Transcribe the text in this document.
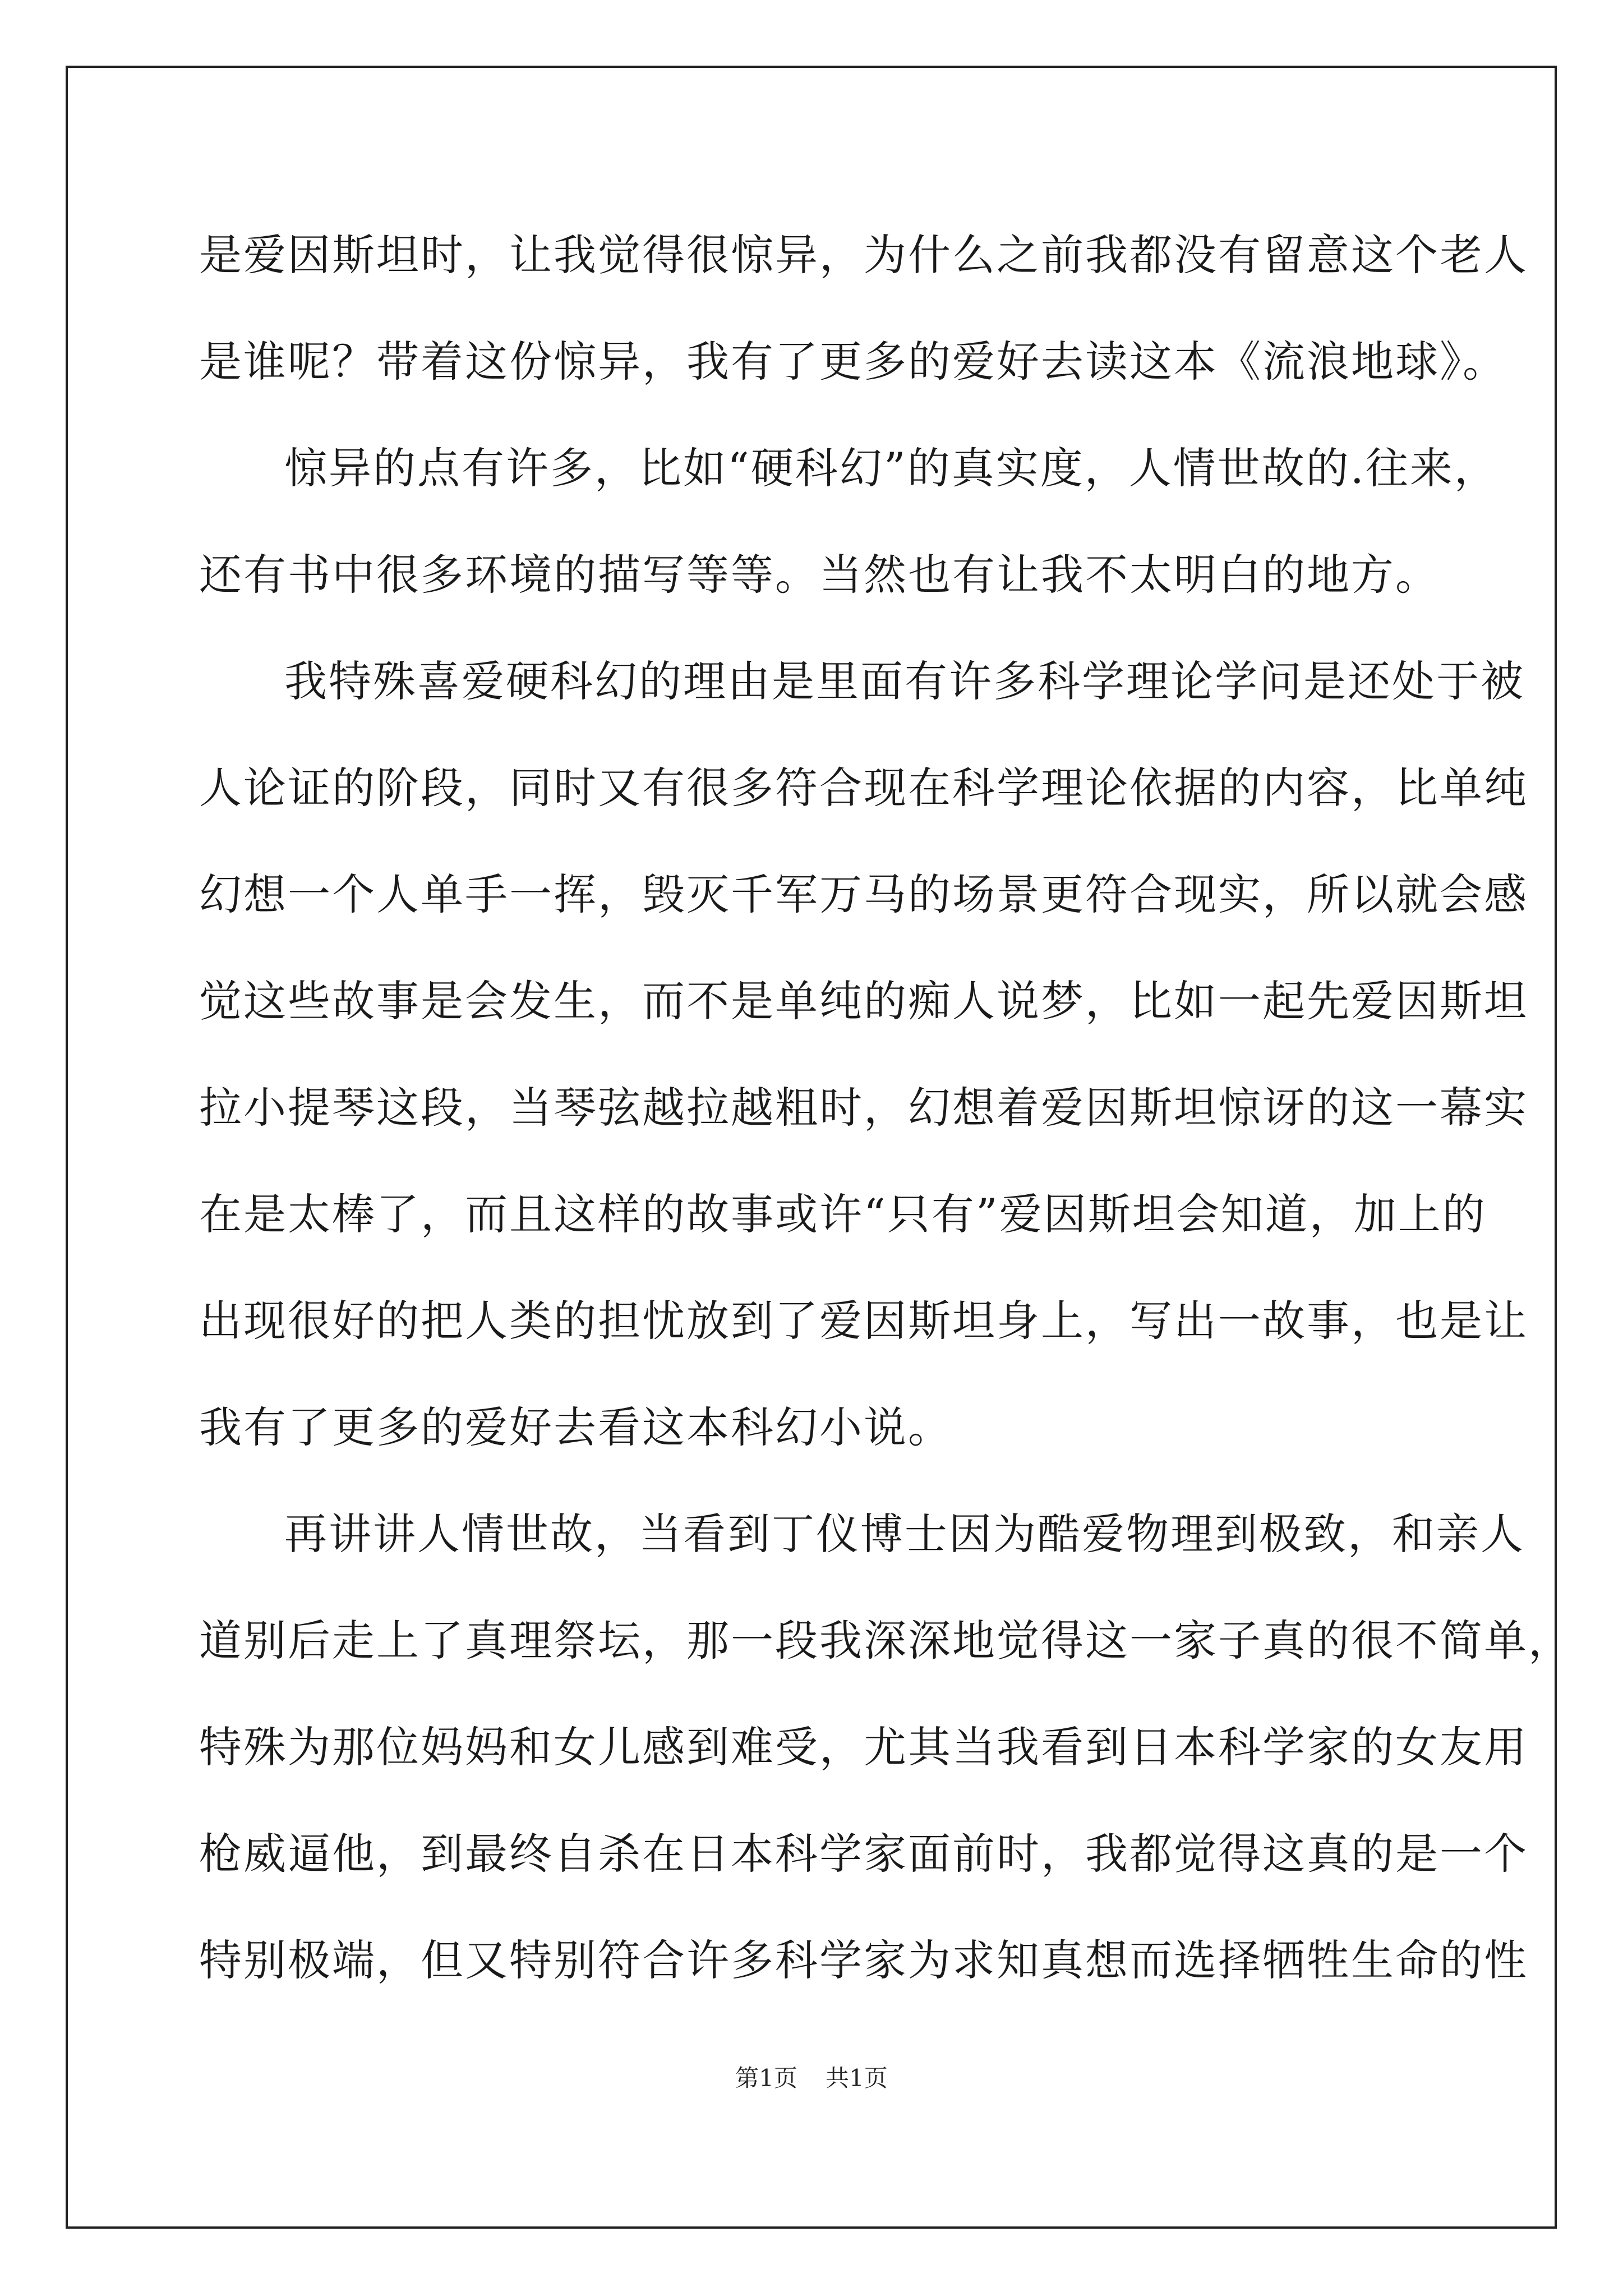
是爱因斯坦时，让我觉得很惊异，为什么之前我都没有留意这个老人
是谁呢？带着这份惊异，我有了更多的爱好去读这本《流浪地球》。
惊异的点有许多，比如“硬科幻”的真实度，人情世故的.往来，
还有书中很多环境的描写等等。当然也有让我不太明白的地方。
我特殊喜爱硬科幻的理由是里面有许多科学理论学问是还处于被
人论证的阶段，同时又有很多符合现在科学理论依据的内容，比单纯
幻想一个人单手一挥，毁灭千军万马的场景更符合现实，所以就会感
觉这些故事是会发生，而不是单纯的痴人说梦，比如一起先爱因斯坦
拉小提琴这段，当琴弦越拉越粗时，幻想着爱因斯坦惊讶的这一幕实
在是太棒了，而且这样的故事或许“只有”爱因斯坦会知道，加上的
出现很好的把人类的担忧放到了爱因斯坦身上，写出一故事，也是让
我有了更多的爱好去看这本科幻小说。
再讲讲人情世故，当看到丁仪博士因为酷爱物理到极致，和亲人
道别后走上了真理祭坛，那一段我深深地觉得这一家子真的很不简单，
特殊为那位妈妈和女儿感到难受，尤其当我看到日本科学家的女友用
枪威逼他，到最终自杀在日本科学家面前时，我都觉得这真的是一个
特别极端，但又特别符合许多科学家为求知真想而选择牺牲生命的性
第1页 共1页
